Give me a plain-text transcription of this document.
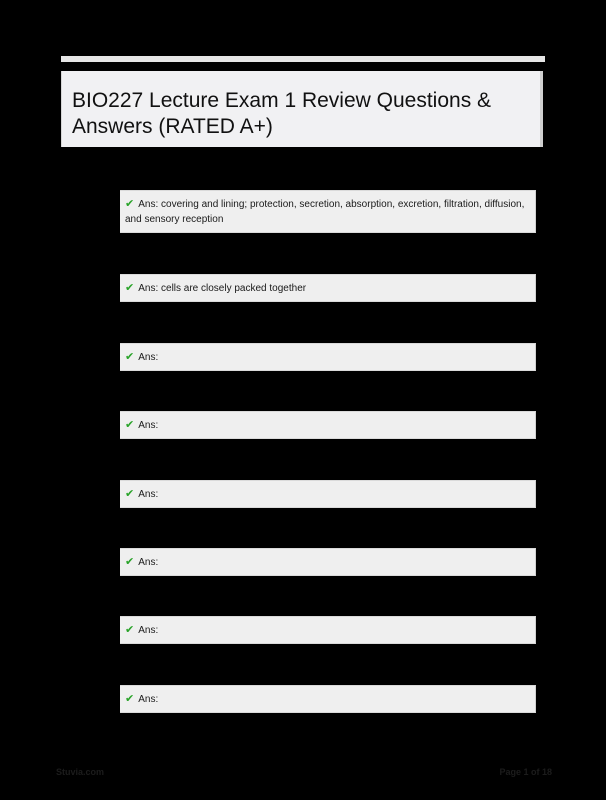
BIO227 Lecture Exam 1 Review Questions & Answers (RATED A+)
✔ Ans: covering and lining; protection, secretion, absorption, excretion, filtration, diffusion, and sensory reception
✔ Ans: cells are closely packed together
✔ Ans:
✔ Ans:
✔ Ans:
✔ Ans:
✔ Ans:
✔ Ans:
Stuvia.com	Page 1 of 18
